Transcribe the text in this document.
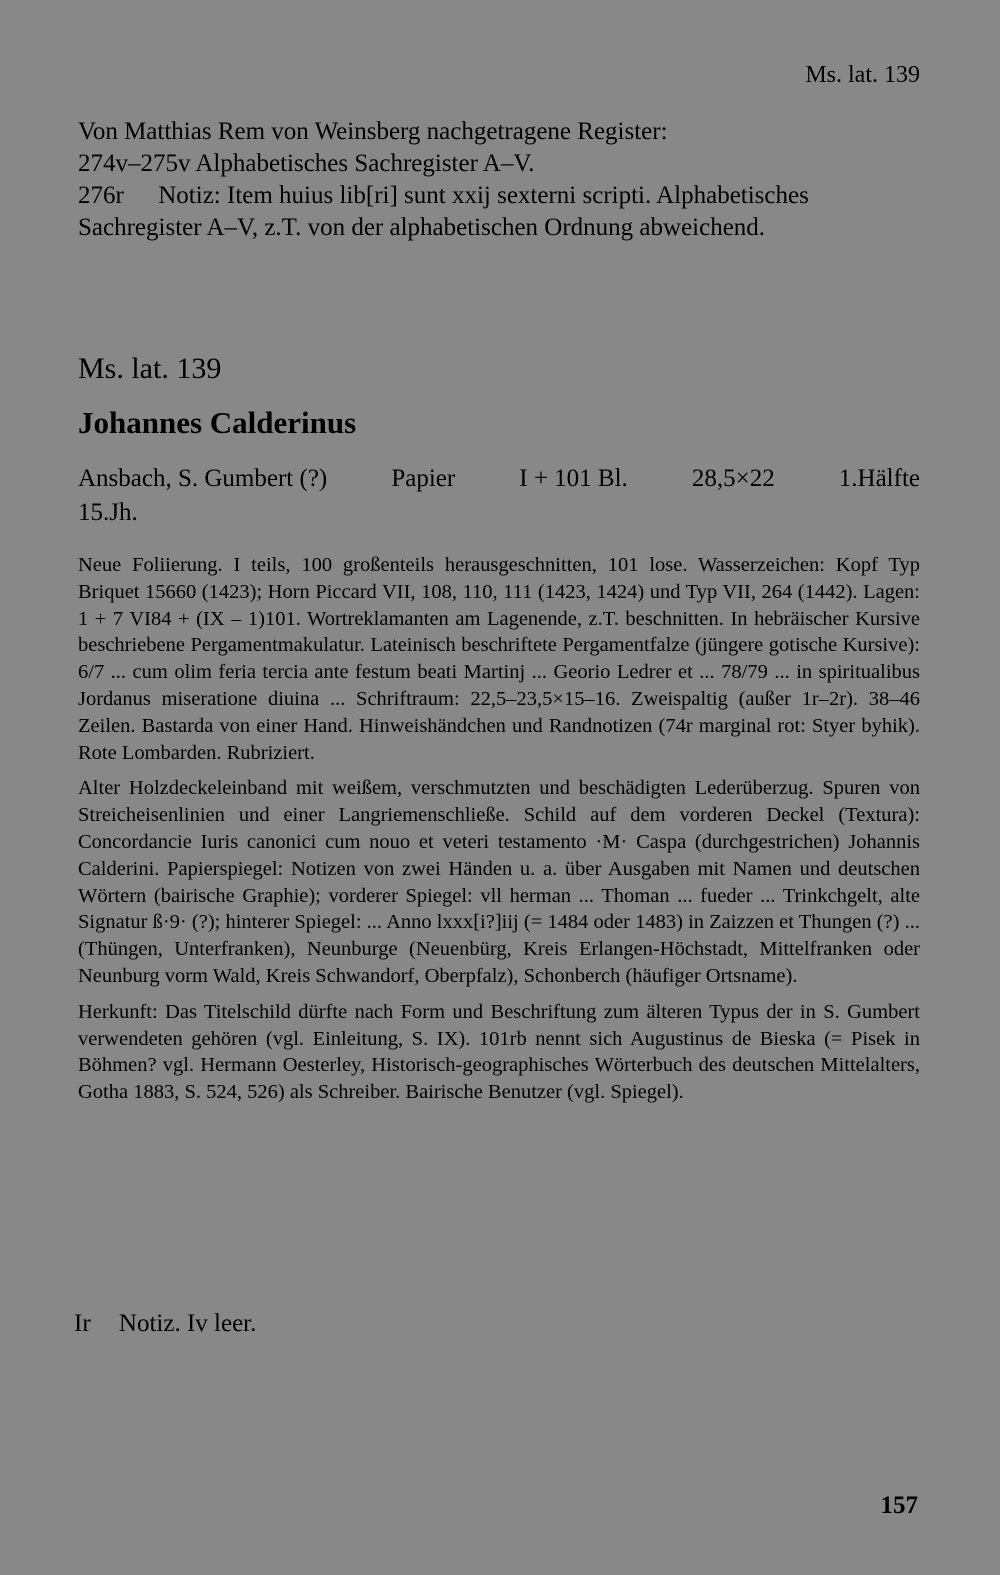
Ms. lat. 139
Von Matthias Rem von Weinsberg nachgetragene Register:
274v–275v Alphabetisches Sachregister A–V.
276r Notiz: Item huius lib[ri] sunt xxij sexterni scripti. Alphabetisches
Sachregister A–V, z.T. von der alphabetischen Ordnung abweichend.
Ms. lat. 139
Johannes Calderinus
Ansbach, S. Gumbert (?)	Papier	I + 101 Bl.	28,5×22	1.Hälfte
15.Jh.

Neue Foliierung. I teils, 100 großenteils herausgeschnitten, 101 lose. Wasserzeichen: Kopf Typ Briquet 15660 (1423); Horn Piccard VII, 108, 110, 111 (1423, 1424) und Typ VII, 264 (1442). Lagen: 1 + 7 VI84 + (IX – 1)101. Wortreklamanten am Lagenende, z.T. beschnitten. In hebräischer Kursive beschriebene Pergamentmakulatur. Lateinisch beschriftete Pergamentfalze (jüngere gotische Kursive): 6/7 ... cum olim feria tercia ante festum beati Martinj ... Georio Ledrer et ... 78/79 ... in spiritualibus Jordanus miseratione diuina ... Schriftraum: 22,5–23,5×15–16. Zweispaltig (außer 1r–2r). 38–46 Zeilen. Bastarda von einer Hand. Hinweishändchen und Randnotizen (74r marginal rot: Styer byhik). Rote Lombarden. Rubriziert.

Alter Holzdeckeleinband mit weißem, verschmutzten und beschädigten Lederüberzug. Spuren von Streicheisenlinien und einer Langriemenschließe. Schild auf dem vorderen Deckel (Textura): Concordancie Iuris canonici cum nouo et veteri testamento ·M· Caspa (durchgestrichen) Johannis Calderini. Papierspiegel: Notizen von zwei Händen u. a. über Ausgaben mit Namen und deutschen Wörtern (bairische Graphie); vorderer Spiegel: vll herman ... Thoman ... fueder ... Trinkchgelt, alte Signatur ß·9· (?); hinterer Spiegel: ... Anno lxxx[i?]iij (= 1484 oder 1483) in Zaizzen et Thungen (?) ... (Thüngen, Unterfranken), Neunburge (Neuenbürg, Kreis Erlangen-Höchstadt, Mittelfranken oder Neunburg vorm Wald, Kreis Schwandorf, Oberpfalz), Schonberch (häufiger Ortsname).

Herkunft: Das Titelschild dürfte nach Form und Beschriftung zum älteren Typus der in S. Gumbert verwendeten gehören (vgl. Einleitung, S. IX). 101rb nennt sich Augustinus de Bieska (= Pisek in Böhmen? vgl. Hermann Oesterley, Historisch-geographisches Wörterbuch des deutschen Mittelalters, Gotha 1883, S. 524, 526) als Schreiber. Bairische Benutzer (vgl. Spiegel).

Ir Notiz. Iv leer.
157
